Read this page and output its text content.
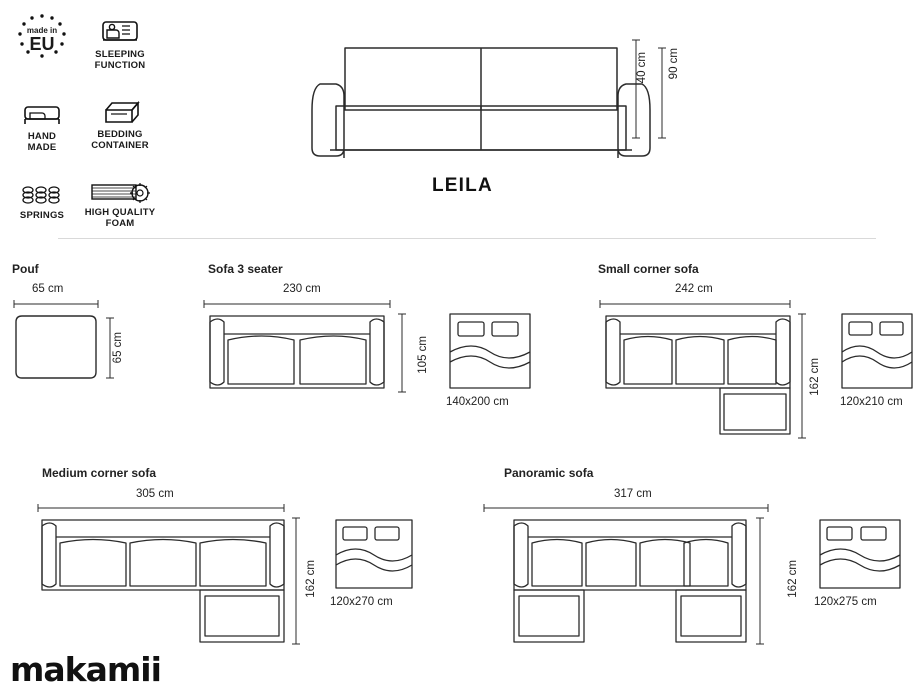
made in
EU
SLEEPING
FUNCTION
HAND
MADE
BEDDING
CONTAINER
SPRINGS	HIGH QUALITY
FOAM
40 cm 90 cm
LEILA
Pouf
65 cm
65 cm
Sofa 3 seater
230 cm
105 cm
140x200 cm
Small corner sofa
242 cm
162 cm
120x210 cm
Medium corner sofa
305 cm
162 cm
120x270 cm
Panoramic sofa
317 cm
162 cm
120x275 cm
makamii
